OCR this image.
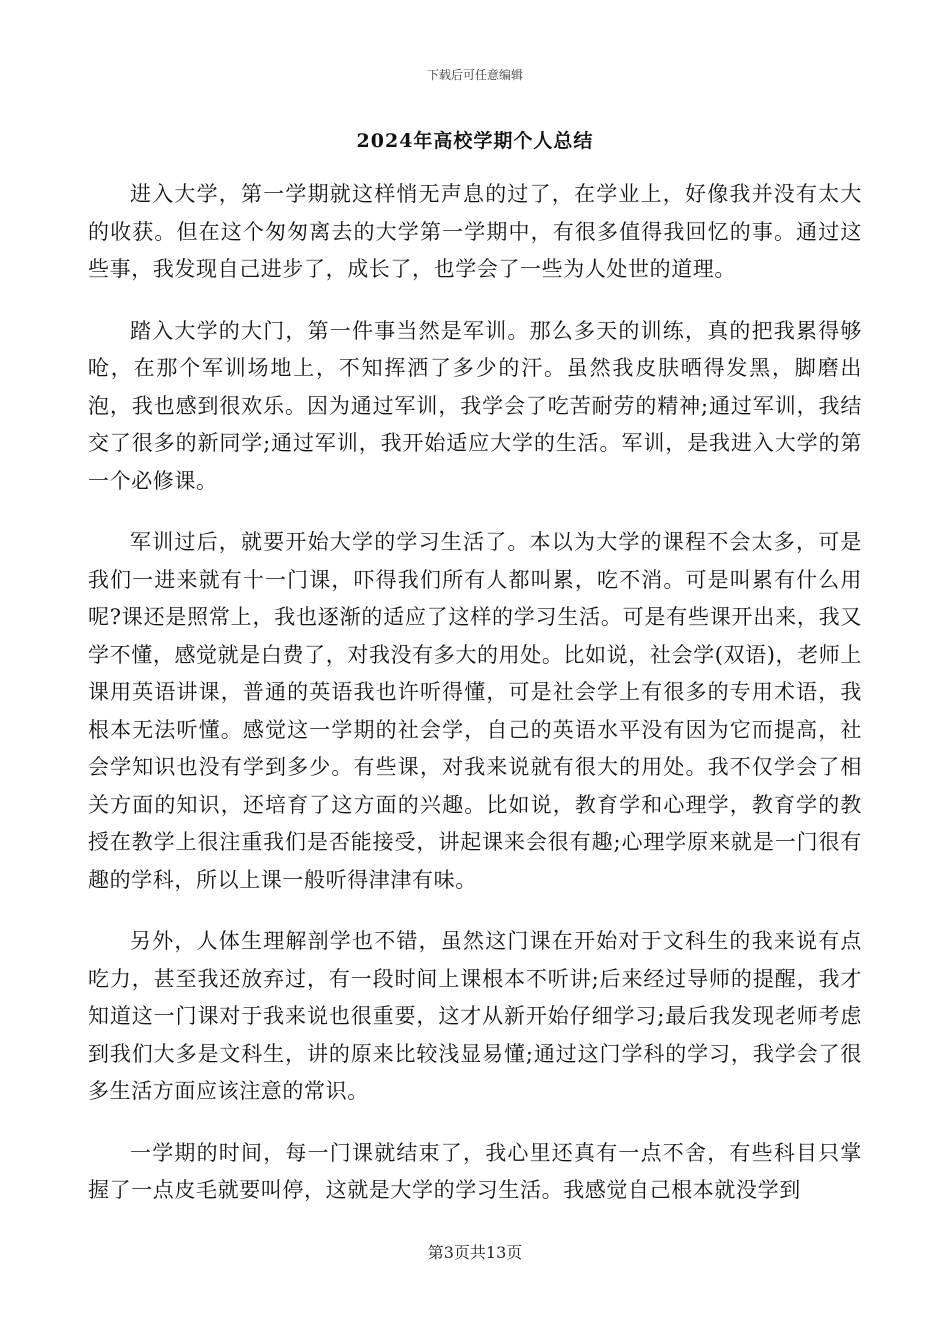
下载后可任意编辑
2024年高校学期个人总结

进入大学，第一学期就这样悄无声息的过了，在学业上，好像我并没有太大的收获。但在这个匆匆离去的大学第一学期中，有很多值得我回忆的事。通过这些事，我发现自己进步了，成长了，也学会了一些为人处世的道理。

踏入大学的大门，第一件事当然是军训。那么多天的训练，真的把我累得够呛，在那个军训场地上，不知挥洒了多少的汗。虽然我皮肤晒得发黑，脚磨出泡，我也感到很欢乐。因为通过军训，我学会了吃苦耐劳的精神;通过军训，我结交了很多的新同学;通过军训，我开始适应大学的生活。军训，是我进入大学的第一个必修课。

军训过后，就要开始大学的学习生活了。本以为大学的课程不会太多，可是我们一进来就有十一门课，吓得我们所有人都叫累，吃不消。可是叫累有什么用呢?课还是照常上，我也逐渐的适应了这样的学习生活。可是有些课开出来，我又学不懂，感觉就是白费了，对我没有多大的用处。比如说，社会学(双语)，老师上课用英语讲课，普通的英语我也许听得懂，可是社会学上有很多的专用术语，我根本无法听懂。感觉这一学期的社会学，自己的英语水平没有因为它而提高，社会学知识也没有学到多少。有些课，对我来说就有很大的用处。我不仅学会了相关方面的知识，还培育了这方面的兴趣。比如说，教育学和心理学，教育学的教授在教学上很注重我们是否能接受，讲起课来会很有趣;心理学原来就是一门很有趣的学科，所以上课一般听得津津有味。

另外，人体生理解剖学也不错，虽然这门课在开始对于文科生的我来说有点吃力，甚至我还放弃过，有一段时间上课根本不听讲;后来经过导师的提醒，我才知道这一门课对于我来说也很重要，这才从新开始仔细学习;最后我发现老师考虑到我们大多是文科生，讲的原来比较浅显易懂;通过这门学科的学习，我学会了很多生活方面应该注意的常识。

一学期的时间，每一门课就结束了，我心里还真有一点不舍，有些科目只掌握了一点皮毛就要叫停，这就是大学的学习生活。我感觉自己根本就没学到

第3页共13页
